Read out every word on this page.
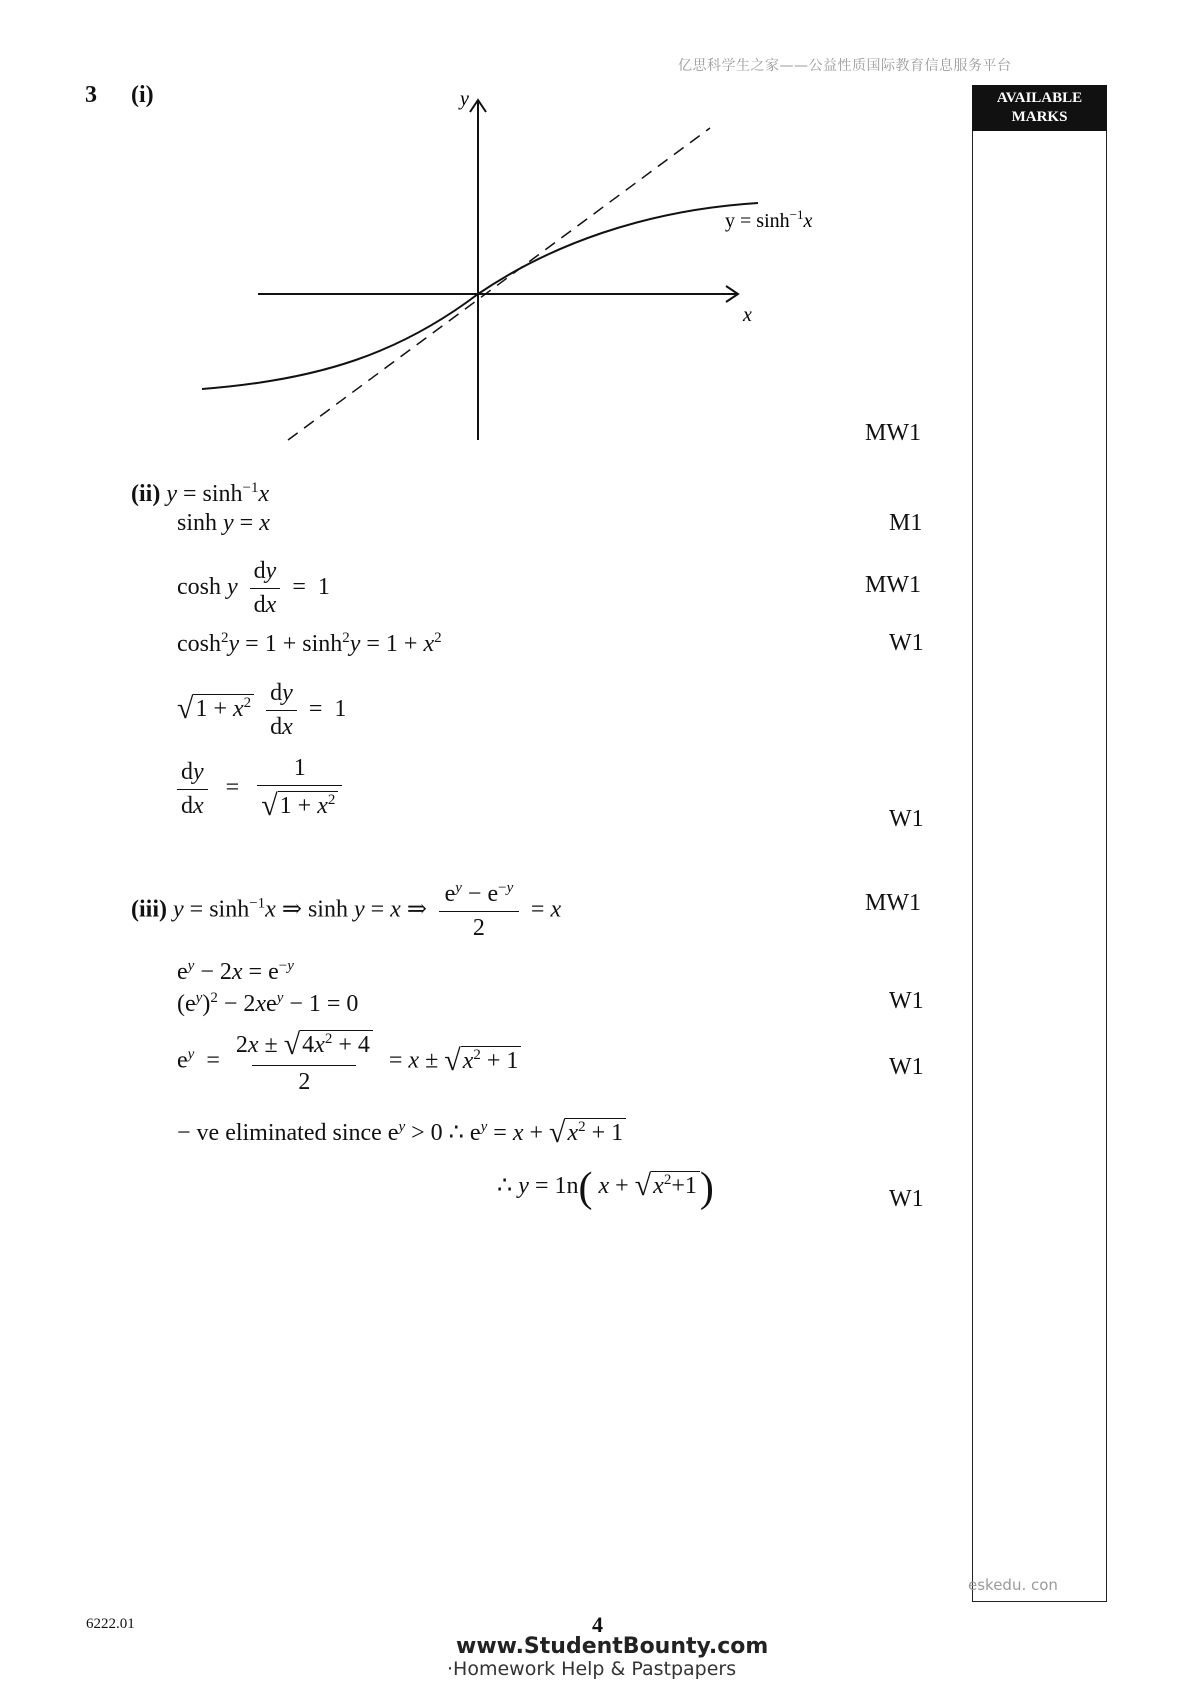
亿思科学生之家——公益性质国际教育信息服务平台
3 (i)	AVAILABLE
MARKS
y
x
$y = \sinh^{-1}x$
MW1
(ii) $y = \sinh^{-1}x$
sinh y = x	M1
cosh y $\frac{dy}{dx} = 1$	MW1
$\cosh^2y = 1 + \sinh^2y = 1 + x^2$	W1
$√1 + x^2 \frac{dy}{dx} = 1$
$\frac{dy}{dx} = \frac{1}{√1 + x^2}$	W1
(iii) $y = \sinh^{-1}x$ ⇒ sinh y = x ⇒ $\frac{e^y - e^{-y}}{2} = x$	MW1
$e^y - 2x = e^{-y}$
$(e^y)^2 - 2xe^y - 1 = 0$	W1
$e^y = \frac{2x \pm √4x^2 + 4}{2} = x \pm √x^2 + 1$	W1
− ve eliminated since $e^y > 0$ ∴ $e^y = x + √x^2 + 1$
∴ y = 1n( $x + √x^2+1$)	W1
eskedu. con
6222.01	4
www.StudentBounty.com
·Homework Help & Pastpapers
